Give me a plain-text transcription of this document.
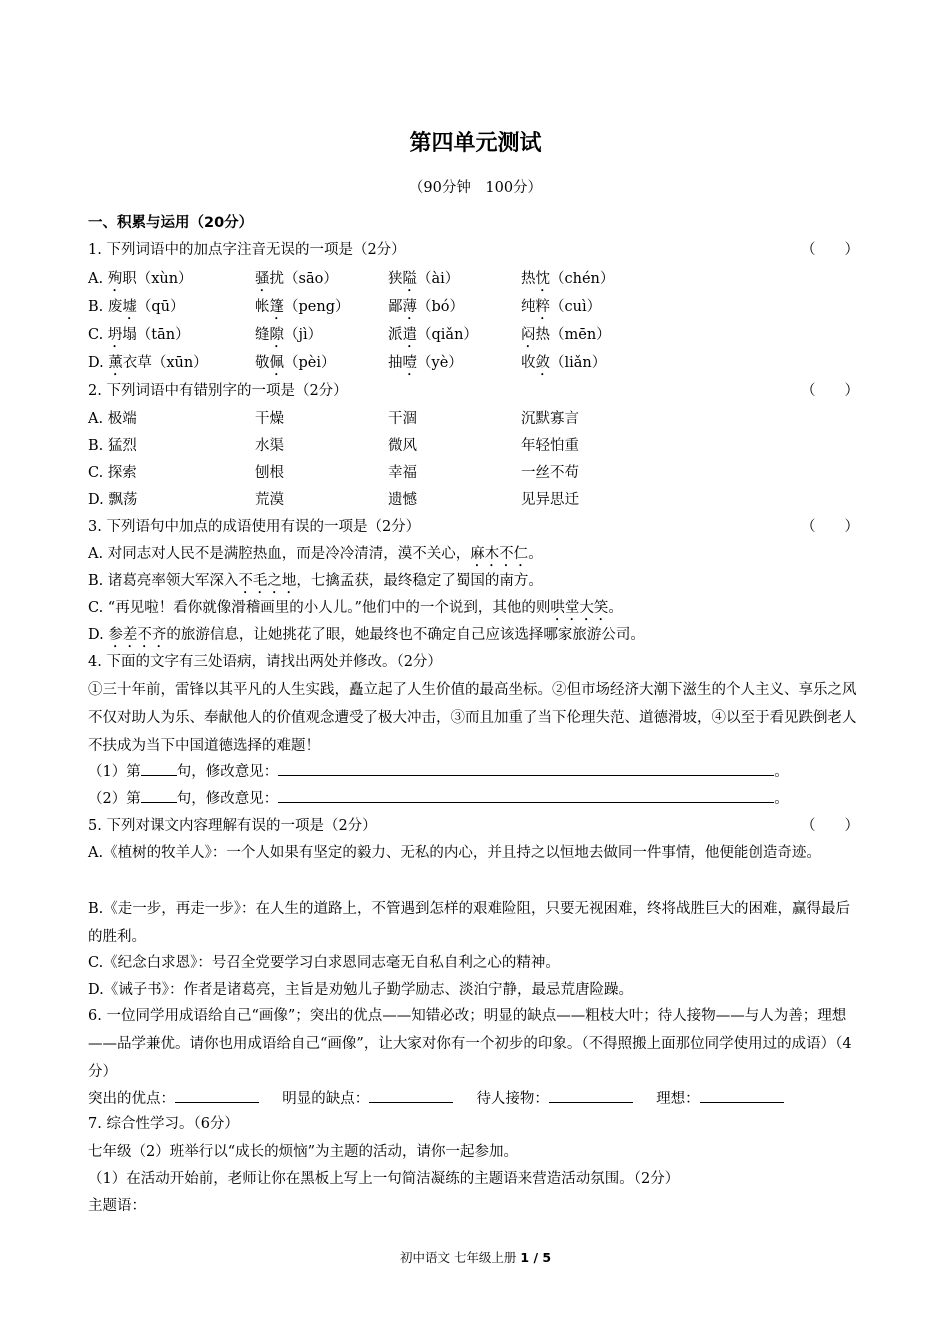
第四单元测试
（90分钟　100分）
一、积累与运用（20分）
1. 下列词语中的加点字注音无误的一项是（2分）	（　　）
A. 殉职（xùn）	骚扰（sāo）	狭隘（ài）	热忱（chén）
B. 废墟（qū）	帐篷（peng）	鄙薄（bó）	纯粹（cuì）
C. 坍塌（tān）	缝隙（jì）	派遣（qiǎn）	闷热（mēn）
D. 薰衣草（xūn）	敬佩（pèi）	抽噎（yè）	收敛（liǎn）
2. 下列词语中有错别字的一项是（2分）	（　　）
A. 极端	干燥	干涸	沉默寡言
B. 猛烈	水渠	微风	年轻怕重
C. 探索	刨根	幸福	一丝不苟
D. 飘荡	荒漠	遗憾	见异思迁
3. 下列语句中加点的成语使用有误的一项是（2分）	（　　）
A. 对同志对人民不是满腔热血，而是冷冷清清，漠不关心，麻木不仁。
B. 诸葛亮率领大军深入不毛之地，七擒孟获，最终稳定了蜀国的南方。
C. “再见啦！看你就像滑稽画里的小人儿。”他们中的一个说到，其他的则哄堂大笑。
D. 参差不齐的旅游信息，让她挑花了眼，她最终也不确定自己应该选择哪家旅游公司。
4. 下面的文字有三处语病，请找出两处并修改。（2分）
①三十年前，雷锋以其平凡的人生实践，矗立起了人生价值的最高坐标。②但市场经济大潮下滋生的个人主义、享乐之风不仅对助人为乐、奉献他人的价值观念遭受了极大冲击，③而且加重了当下伦理失范、道德滑坡，④以至于看见跌倒老人不扶成为当下中国道德选择的难题！
（1）第 句，修改意见：	。
（2）第 句，修改意见：	。
5. 下列对课文内容理解有误的一项是（2分）	（　　）
A.《植树的牧羊人》：一个人如果有坚定的毅力、无私的内心，并且持之以恒地去做同一件事情，他便能创造奇迹。
B.《走一步，再走一步》：在人生的道路上，不管遇到怎样的艰难险阻，只要无视困难，终将战胜巨大的困难，赢得最后的胜利。
C.《纪念白求恩》：号召全党要学习白求恩同志毫无自私自利之心的精神。
D.《诫子书》：作者是诸葛亮，主旨是劝勉儿子勤学励志、淡泊宁静，最忌荒唐险躁。
6. 一位同学用成语给自己“画像”；突出的优点——知错必改；明显的缺点——粗枝大叶；待人接物——与人为善；理想——品学兼优。请你也用成语给自己“画像”，让大家对你有一个初步的印象。（不得照搬上面那位同学使用过的成语）（4分）
突出的优点：	明显的缺点：	待人接物：	理想：
7. 综合性学习。（6分）
七年级（2）班举行以“成长的烦恼”为主题的活动，请你一起参加。
（1）在活动开始前，老师让你在黑板上写上一句简洁凝练的主题语来营造活动氛围。（2分）
主题语：
初中语文 七年级上册 1 / 5
